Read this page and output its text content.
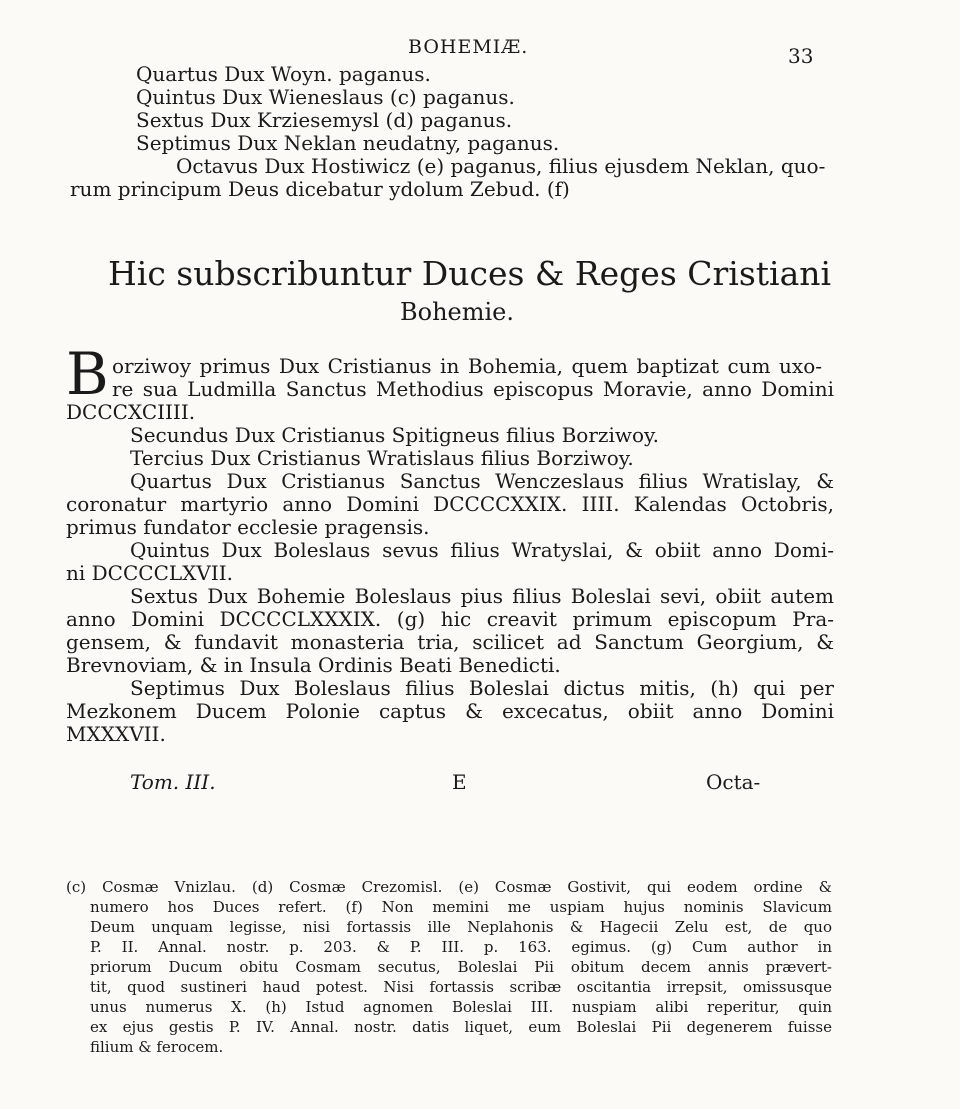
BOHEMIÆ.	33
Quartus Dux Woyn. paganus.
Quintus Dux Wieneslaus (c) paganus.
Sextus Dux Krziesemysl (d) paganus.
Septimus Dux Neklan neudatny, paganus.
Octavus Dux Hostiwicz (e) paganus, filius ejusdem Neklan, quo-
rum principum Deus dicebatur ydolum Zebud. (f)
Hic subscribuntur Duces & Reges Cristiani
Bohemie.
B orziwoy primus Dux Cristianus in Bohemia, quem baptizat cum uxo-
re sua Ludmilla Sanctus Methodius episcopus Moravie, anno Domini
DCCCXCIIII.
Secundus Dux Cristianus Spitigneus filius Borziwoy.
Tercius Dux Cristianus Wratislaus filius Borziwoy.
Quartus Dux Cristianus Sanctus Wenczeslaus filius Wratislay, &
coronatur martyrio anno Domini DCCCCXXIX. IIII. Kalendas Octobris,
primus fundator ecclesie pragensis.
Quintus Dux Boleslaus sevus filius Wratyslai, & obiit anno Domi-
ni DCCCCLXVII.
Sextus Dux Bohemie Boleslaus pius filius Boleslai sevi, obiit autem
anno Domini DCCCCLXXXIX. (g) hic creavit primum episcopum Pra-
gensem, & fundavit monasteria tria, scilicet ad Sanctum Georgium, &
Brevnoviam, & in Insula Ordinis Beati Benedicti.
Septimus Dux Boleslaus filius Boleslai dictus mitis, (h) qui per
Mezkonem Ducem Polonie captus & excecatus, obiit anno Domini
MXXXVII.
Tom. III.	E	Octa-
(c) Cosmæ Vnizlau. (d) Cosmæ Crezomisl. (e) Cosmæ Gostivit, qui eodem ordine &
numero hos Duces refert. (f) Non memini me uspiam hujus nominis Slavicum
Deum unquam legisse, nisi fortassis ille Neplahonis & Hagecii Zelu est, de quo
P. II. Annal. nostr. p. 203. & P. III. p. 163. egimus. (g) Cum author in
priorum Ducum obitu Cosmam secutus, Boleslai Pii obitum decem annis prævert-
tit, quod sustineri haud potest. Nisi fortassis scribæ oscitantia irrepsit, omissusque
unus numerus X. (h) Istud agnomen Boleslai III. nuspiam alibi reperitur, quin
ex ejus gestis P. IV. Annal. nostr. datis liquet, eum Boleslai Pii degenerem fuisse
filium & ferocem.
